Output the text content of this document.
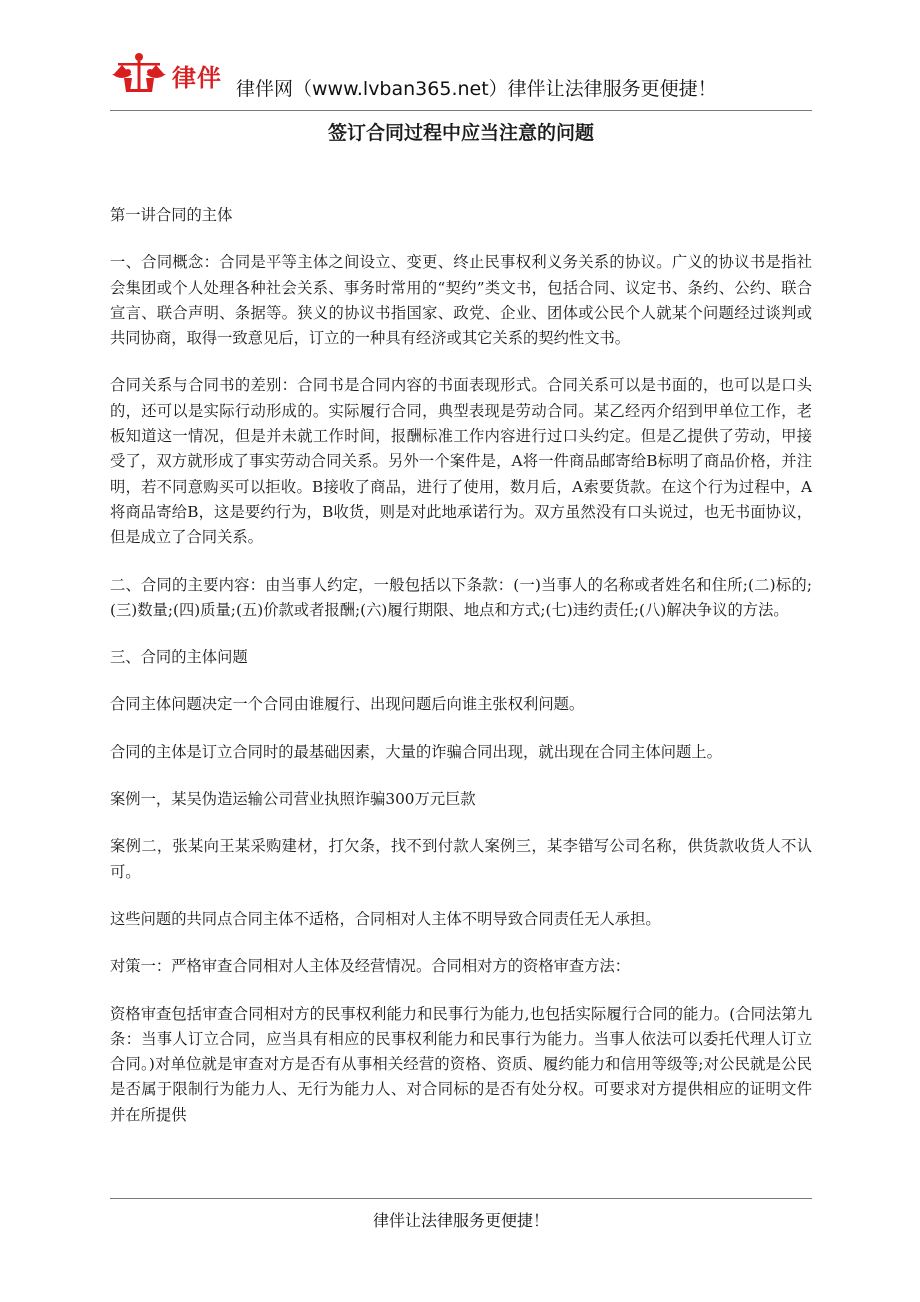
律伴 律伴网（www.lvban365.net）律伴让法律服务更便捷！
签订合同过程中应当注意的问题

第一讲合同的主体

一、合同概念：合同是平等主体之间设立、变更、终止民事权利义务关系的协议。广义的协议书是指社会集团或个人处理各种社会关系、事务时常用的“契约”类文书，包括合同、议定书、条约、公约、联合宣言、联合声明、条据等。狭义的协议书指国家、政党、企业、团体或公民个人就某个问题经过谈判或共同协商，取得一致意见后，订立的一种具有经济或其它关系的契约性文书。

合同关系与合同书的差别：合同书是合同内容的书面表现形式。合同关系可以是书面的，也可以是口头的，还可以是实际行动形成的。实际履行合同，典型表现是劳动合同。某乙经丙介绍到甲单位工作，老板知道这一情况，但是并未就工作时间，报酬标准工作内容进行过口头约定。但是乙提供了劳动，甲接受了，双方就形成了事实劳动合同关系。另外一个案件是，A将一件商品邮寄给B标明了商品价格，并注明，若不同意购买可以拒收。B接收了商品，进行了使用，数月后，A索要货款。在这个行为过程中，A将商品寄给B，这是要约行为，B收货，则是对此地承诺行为。双方虽然没有口头说过，也无书面协议，但是成立了合同关系。

二、合同的主要内容：由当事人约定，一般包括以下条款：(一)当事人的名称或者姓名和住所;(二)标的;(三)数量;(四)质量;(五)价款或者报酬;(六)履行期限、地点和方式;(七)违约责任;(八)解决争议的方法。

三、合同的主体问题

合同主体问题决定一个合同由谁履行、出现问题后向谁主张权利问题。

合同的主体是订立合同时的最基础因素，大量的诈骗合同出现，就出现在合同主体问题上。

案例一，某吴伪造运输公司营业执照诈骗300万元巨款

案例二，张某向王某采购建材，打欠条，找不到付款人案例三，某李错写公司名称，供货款收货人不认可。

这些问题的共同点合同主体不适格，合同相对人主体不明导致合同责任无人承担。

对策一：严格审查合同相对人主体及经营情况。合同相对方的资格审查方法：

资格审查包括审查合同相对方的民事权利能力和民事行为能力,也包括实际履行合同的能力。(合同法第九条：当事人订立合同，应当具有相应的民事权利能力和民事行为能力。当事人依法可以委托代理人订立合同。)对单位就是审查对方是否有从事相关经营的资格、资质、履约能力和信用等级等;对公民就是公民是否属于限制行为能力人、无行为能力人、对合同标的是否有处分权。可要求对方提供相应的证明文件并在所提供

律伴让法律服务更便捷！
